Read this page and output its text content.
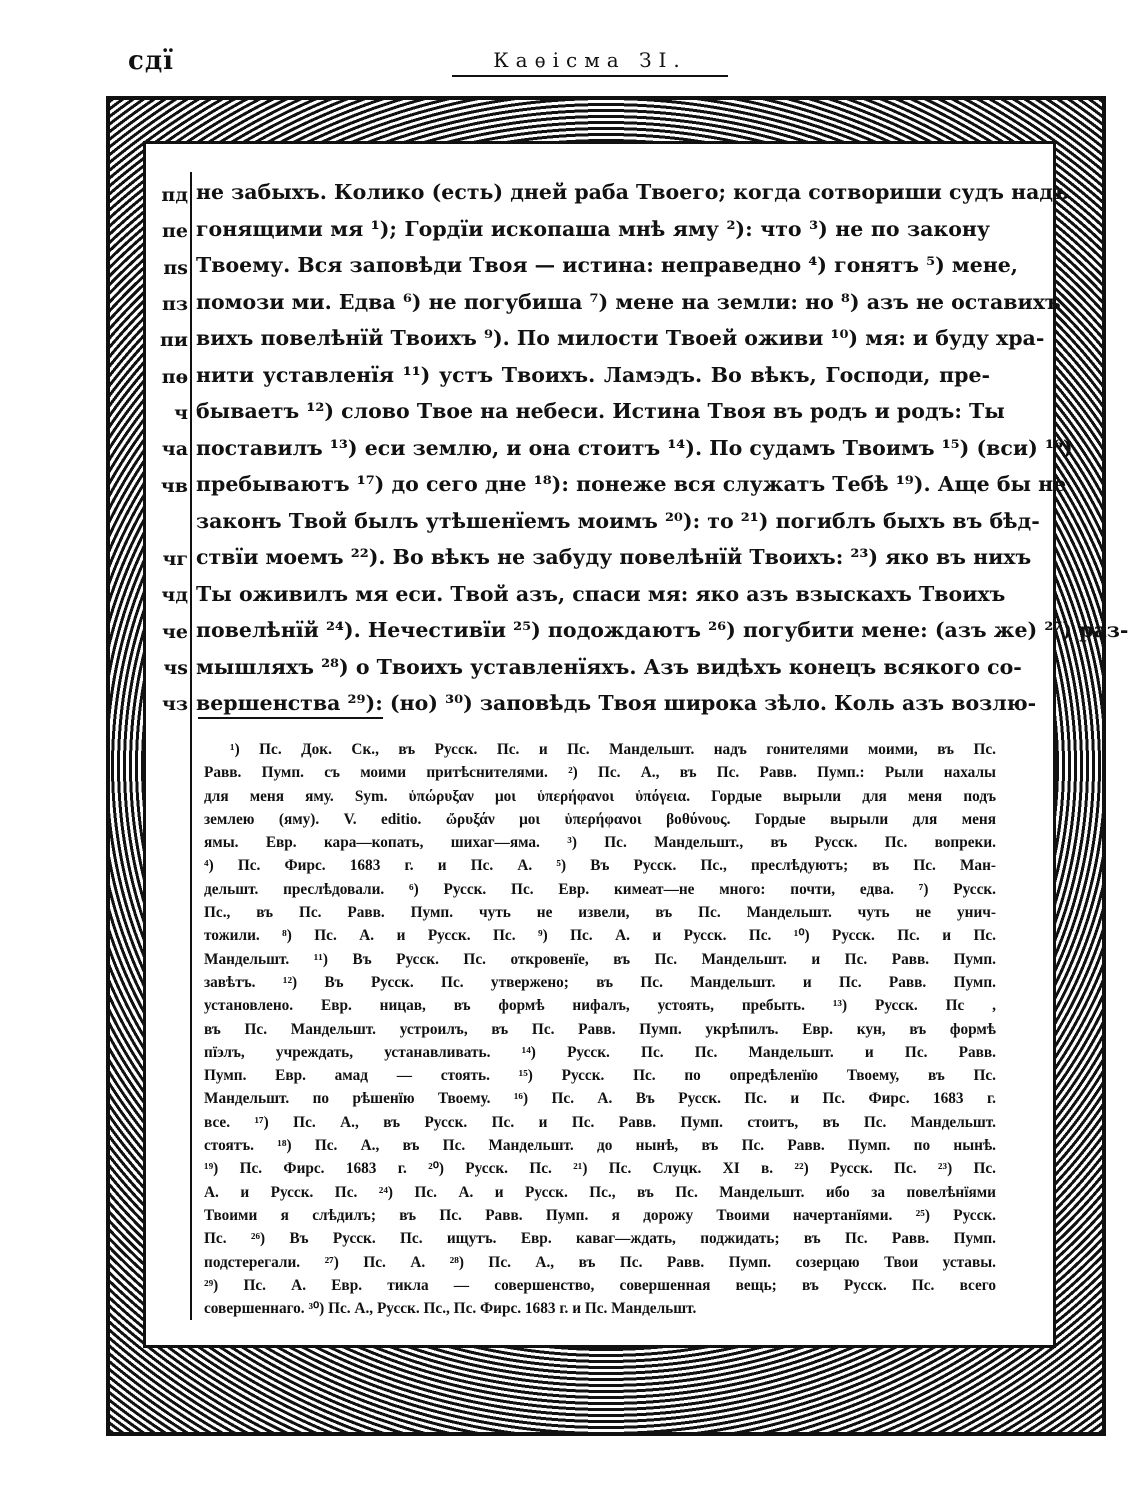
сдї	Каѳісма ЗІ.
пд
пе
пѕ
пз
пи
пѳ
ч
ча
чв
чг
чд
че
чѕ
чз
не забыхъ. Колико (есть) дней раба Твоего; когда сотвориши судъ надъ
гонящими мя ¹); Гордїи ископаша мнѣ яму ²): что ³) не по закону
Твоему. Вся заповѣди Твоя — истина: неправедно ⁴) гонятъ ⁵) мене,
помози ми. Едва ⁶) не погубиша ⁷) мене на земли: но ⁸) азъ не оставихъ
вихъ повелѣнїй Твоихъ ⁹). По милости Твоей оживи ¹⁰) мя: и буду хра-
нити уставленїя ¹¹) устъ Твоихъ. Ламэдъ. Во вѣкъ, Господи, пре-
бываетъ ¹²) слово Твое на небеси. Истина Твоя въ родъ и родъ: Ты
поставилъ ¹³) еси землю, и она стоитъ ¹⁴). По судамъ Твоимъ ¹⁵) (вси) ¹⁶)
пребываютъ ¹⁷) до сего дне ¹⁸): понеже вся служатъ Тебѣ ¹⁹). Аще бы не
законъ Твой былъ утѣшенїемъ моимъ ²⁰): то ²¹) погиблъ быхъ въ бѣд-
ствїи моемъ ²²). Во вѣкъ не забуду повелѣнїй Твоихъ: ²³) яко въ нихъ
Ты оживилъ мя еси. Твой азъ, спаси мя: яко азъ взыскахъ Твоихъ
повелѣнїй ²⁴). Нечестивїи ²⁵) подождаютъ ²⁶) погубити мене: (азъ же) ²⁷) раз-
мышляхъ ²⁸) о Твоихъ уставленїяхъ. Азъ видѣхъ конецъ всякого со-
вершенства ²⁹): (но) ³⁰) заповѣдь Твоя широка зѣло. Коль азъ возлю-
¹) Пс. Док. Ск., въ Русск. Пс. и Пс. Мандельшт. надъ гонителями моими, въ Пс.
Равв. Пумп. съ моими притѣснителями. ²) Пс. А., въ Пс. Равв. Пумп.: Рыли нахалы
для меня яму. Sym. ὑπώρυξαν μοι ὑπερήφανοι ὑπόγεια. Гордые вырыли для меня подъ
землею (яму). V. editio. ὤρυξάν μοι ὑπερήφανοι βοθύνους. Гордые вырыли для меня
ямы. Евр. кара—копать, шихаг—яма. ³) Пс. Мандельшт., въ Русск. Пс. вопреки.
⁴) Пс. Фирс. 1683 г. и Пс. А. ⁵) Въ Русск. Пс., преслѣдуютъ; въ Пс. Ман-
дельшт. преслѣдовали. ⁶) Русск. Пс. Евр. кимеат—не много: почти, едва. ⁷) Русск.
Пс., въ Пс. Равв. Пумп. чуть не извели, въ Пс. Мандельшт. чуть не унич-
тожили. ⁸) Пс. А. и Русск. Пс. ⁹) Пс. А. и Русск. Пс. ¹⁰) Русск. Пс. и Пс.
Мандельшт. ¹¹) Въ Русск. Пс. откровенїе, въ Пс. Мандельшт. и Пс. Равв. Пумп.
завѣтъ. ¹²) Въ Русск. Пс. утвержено; въ Пс. Мандельшт. и Пс. Равв. Пумп.
установлено. Евр. ницав, въ формѣ нифалъ, устоять, пребыть. ¹³) Русск. Пс ,
въ Пс. Мандельшт. устроилъ, въ Пс. Равв. Пумп. укрѣпилъ. Евр. кун, въ формѣ
пїэлъ, учреждать, устанавливать. ¹⁴) Русск. Пс. Пс. Мандельшт. и Пс. Равв.
Пумп. Евр. амад — стоять. ¹⁵) Русск. Пс. по опредѣленїю Твоему, въ Пс.
Мандельшт. по рѣшенїю Твоему. ¹⁶) Пс. А. Въ Русск. Пс. и Пс. Фирс. 1683 г.
все. ¹⁷) Пс. А., въ Русск. Пс. и Пс. Равв. Пумп. стоитъ, въ Пс. Мандельшт.
стоятъ. ¹⁸) Пс. А., въ Пс. Мандельшт. до нынѣ, въ Пс. Равв. Пумп. по нынѣ.
¹⁹) Пс. Фирс. 1683 г. ²⁰) Русск. Пс. ²¹) Пс. Слуцк. XI в. ²²) Русск. Пс. ²³) Пс.
А. и Русск. Пс. ²⁴) Пс. А. и Русск. Пс., въ Пс. Мандельшт. ибо за повелѣнїями
Твоими я слѣдилъ; въ Пс. Равв. Пумп. я дорожу Твоими начертанїями. ²⁵) Русск.
Пс. ²⁶) Въ Русск. Пс. ищутъ. Евр. каваг—ждать, поджидать; въ Пс. Равв. Пумп.
подстерегали. ²⁷) Пс. А. ²⁸) Пс. А., въ Пс. Равв. Пумп. созерцаю Твои уставы.
²⁹) Пс. А. Евр. тикла — совершенство, совершенная вещь; въ Русск. Пс. всего
совершеннаго. ³⁰) Пс. А., Русск. Пс., Пс. Фирс. 1683 г. и Пс. Мандельшт.
